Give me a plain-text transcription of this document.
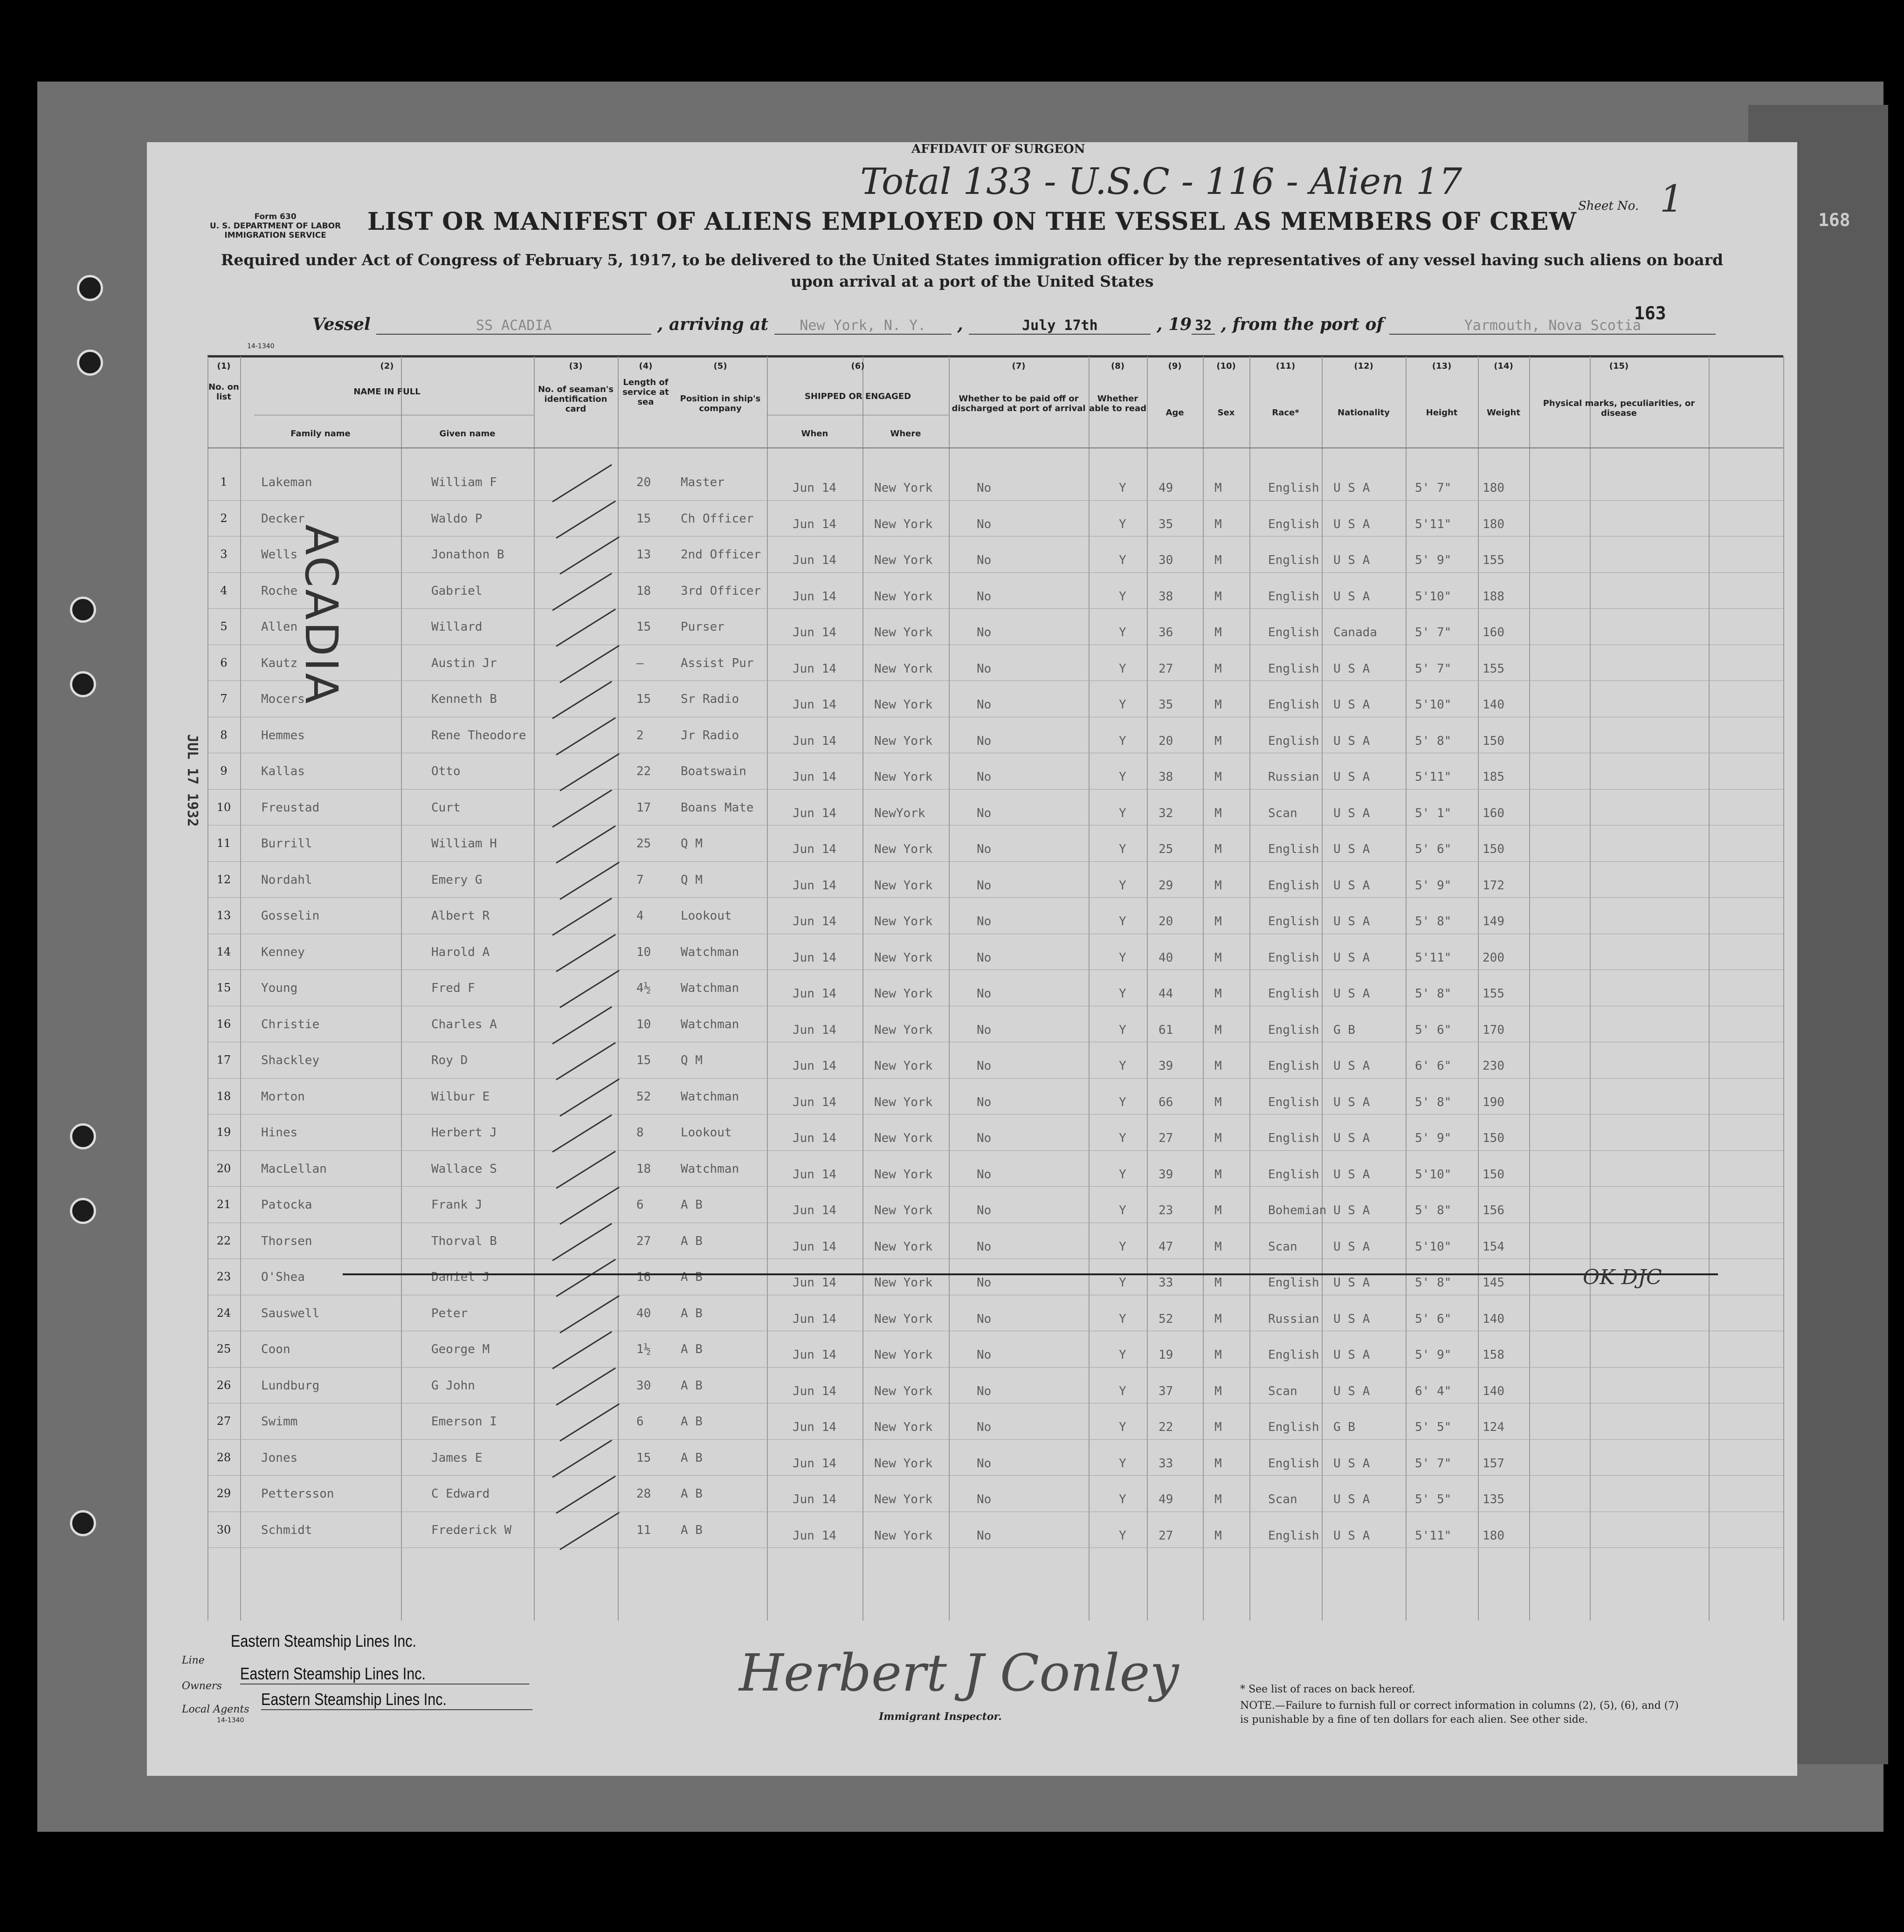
168
AFFIDAVIT OF SURGEON
Form 630
U. S. DEPARTMENT OF LABOR
IMMIGRATION SERVICE
Total 133 - U.S.C - 116 - Alien 17
Sheet No. 1
LIST OR MANIFEST OF ALIENS EMPLOYED ON THE VESSEL AS MEMBERS OF CREW
Required under Act of Congress of February 5, 1917, to be delivered to the United States immigration officer by the representatives of any vessel having such aliens on board upon arrival at a port of the United States
163
14-1340
Vessel	SS ACADIA	, arriving at New York, N. Y. ,	July 17th	, 19 32 , from the port of	Yarmouth, Nova Scotia
(1)	(2)	(3)	(4)	(5)	(6)	(7)	(8)	(9)	(10)	(11)	(12)	(13)	(14)	(15)
No. on list
NAME IN FULL
Family name	Given name
No. of seaman's identification card
Length of service at sea	Position in ship's company
SHIPPED OR ENGAGED
When	Where
Whether to be paid off or discharged at port of arrival
Whether able to read	Age	Sex	Race*	Nationality	Height	Weight
Physical marks, peculiarities, or disease
1	Lakeman	William F	20 Master	Jun 14	New York	No	Y	49	M	English U S A	5' 7"	180
2	Decker	Waldo P	15 Ch Officer	Jun 14	New York	No	Y	35	M	English U S A	5'11"	180
3	Wells	Jonathon B	13 2nd Officer	Jun 14	New York	No	Y	30	M	English U S A	5' 9"	155
4	Roche	Gabriel	18 3rd Officer	Jun 14	New York	No	Y	38	M	English U S A	5'10"	188
5	Allen	Willard	15 Purser	Jun 14	New York	No	Y	36	M	English Canada	5' 7"	160
6	Kautz	Austin Jr	—	Assist Pur	Jun 14	New York	No	Y	27	M	English U S A	5' 7"	155
7	Mocers	Kenneth B	15 Sr Radio	Jun 14	New York	No	Y	35	M	English U S A	5'10"	140
8	Hemmes	Rene Theodore	2	Jr Radio	Jun 14	New York	No	Y	20	M	English U S A	5' 8"	150
9	Kallas	Otto	22 Boatswain	Jun 14	New York	No	Y	38	M	Russian U S A	5'11"	185
10	Freustad	Curt	17 Boans Mate	Jun 14	NewYork	No	Y	32	M	Scan	U S A	5' 1"	160
11	Burrill	William H	25 Q M	Jun 14	New York	No	Y	25	M	English U S A	5' 6"	150
12	Nordahl	Emery G	7	Q M	Jun 14	New York	No	Y	29	M	English U S A	5' 9"	172
13	Gosselin	Albert R	4	Lookout	Jun 14	New York	No	Y	20	M	English U S A	5' 8"	149
14	Kenney	Harold A	10 Watchman	Jun 14	New York	No	Y	40	M	English U S A	5'11"	200
15	Young	Fred F	4½ Watchman	Jun 14	New York	No	Y	44	M	English U S A	5' 8"	155
16	Christie	Charles A	10 Watchman	Jun 14	New York	No	Y	61	M	English G B	5' 6"	170
17	Shackley	Roy D	15 Q M	Jun 14	New York	No	Y	39	M	English U S A	6' 6"	230
18	Morton	Wilbur E	52 Watchman	Jun 14	New York	No	Y	66	M	English U S A	5' 8"	190
19	Hines	Herbert J	8	Lookout	Jun 14	New York	No	Y	27	M	English U S A	5' 9"	150
20	MacLellan	Wallace S	18 Watchman	Jun 14	New York	No	Y	39	M	English U S A	5'10"	150
21	Patocka	Frank J	6	A B	Jun 14	New York	No	Y	23	M	Bohemian U S A	5' 8"	156
22	Thorsen	Thorval B	27 A B	Jun 14	New York	No	Y	47	M	Scan	U S A	5'10"	154
23	O'Shea	Daniel J	16 A B	Jun 14	New York	No	Y	33	M	English U S A	5' 8"	145
24	Sauswell	Peter	40 A B	Jun 14	New York	No	Y	52	M	Russian U S A	5' 6"	140
25	Coon	George M	1½ A B	Jun 14	New York	No	Y	19	M	English U S A	5' 9"	158
26	Lundburg	G John	30 A B	Jun 14	New York	No	Y	37	M	Scan	U S A	6' 4"	140
27	Swimm	Emerson I	6	A B	Jun 14	New York	No	Y	22	M	English G B	5' 5"	124
28	Jones	James E	15 A B	Jun 14	New York	No	Y	33	M	English U S A	5' 7"	157
29	Pettersson	C Edward	28 A B	Jun 14	New York	No	Y	49	M	Scan	U S A	5' 5"	135
30	Schmidt	Frederick W	11 A B	Jun 14	New York	No	Y	27	M	English U S A	5'11"	180
OK DJC
ACADIA
JUL 17 1932
Line
Eastern Steamship Lines Inc.
Owners
Eastern Steamship Lines Inc.
Local Agents
14-1340
Eastern Steamship Lines Inc.	Herbert J Conley
Immigrant Inspector.
* See list of races on back hereof.
NOTE.—Failure to furnish full or correct information in columns (2), (5), (6), and (7) is punishable by a fine of ten dollars for each alien. See other side.
